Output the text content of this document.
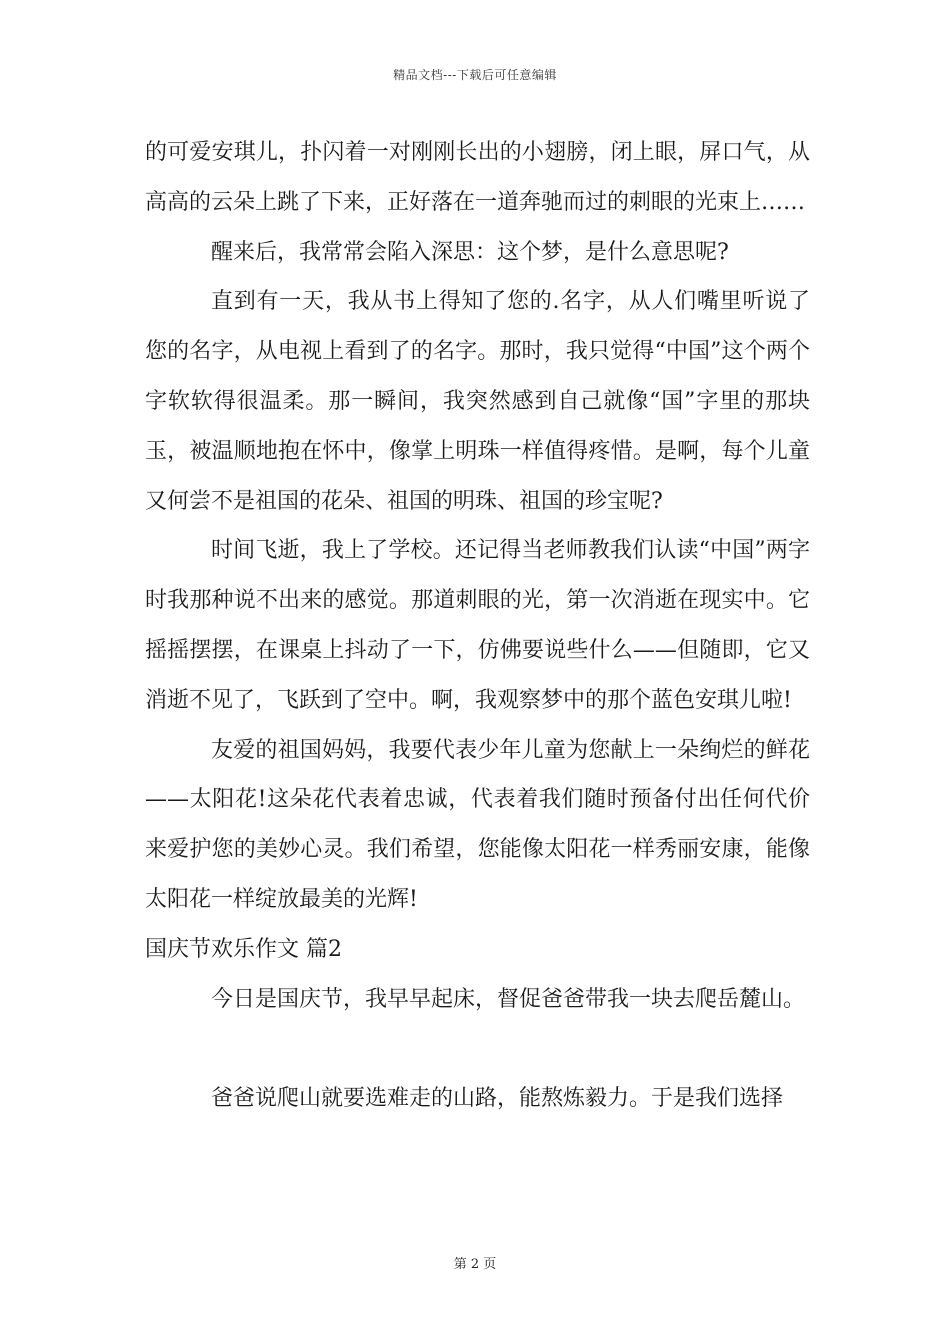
精品文档---下载后可任意编辑

的可爱安琪儿，扑闪着一对刚刚长出的小翅膀，闭上眼，屏口气，从高高的云朵上跳了下来，正好落在一道奔驰而过的刺眼的光束上……

醒来后，我常常会陷入深思：这个梦，是什么意思呢?

直到有一天，我从书上得知了您的.名字，从人们嘴里听说了您的名字，从电视上看到了的名字。那时，我只觉得“中国”这个两个字软软得很温柔。那一瞬间，我突然感到自己就像“国”字里的那块玉，被温顺地抱在怀中，像掌上明珠一样值得疼惜。是啊，每个儿童又何尝不是祖国的花朵、祖国的明珠、祖国的珍宝呢?

时间飞逝，我上了学校。还记得当老师教我们认读“中国”两字时我那种说不出来的感觉。那道刺眼的光，第一次消逝在现实中。它摇摇摆摆，在课桌上抖动了一下，仿佛要说些什么——但随即，它又消逝不见了，飞跃到了空中。啊，我观察梦中的那个蓝色安琪儿啦!

友爱的祖国妈妈，我要代表少年儿童为您献上一朵绚烂的鲜花——太阳花!这朵花代表着忠诚，代表着我们随时预备付出任何代价来爱护您的美妙心灵。我们希望，您能像太阳花一样秀丽安康，能像太阳花一样绽放最美的光辉!

国庆节欢乐作文 篇2

今日是国庆节，我早早起床，督促爸爸带我一块去爬岳麓山。

爸爸说爬山就要选难走的山路，能熬炼毅力。于是我们选择

第 2 页
